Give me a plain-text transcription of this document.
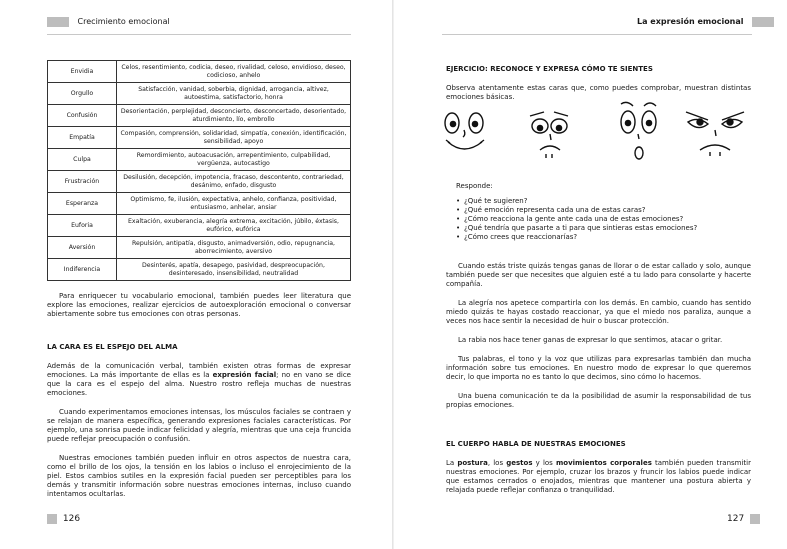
Crecimiento emocional
Envidia	Celos, resentimiento, codicia, deseo, rivalidad, celoso, envidioso, deseo, codicioso, anhelo
Orgullo	Satisfacción, vanidad, soberbia, dignidad, arrogancia, altivez, autoestima, satisfactorio, honra
Confusión	Desorientación, perplejidad, desconcierto, desconcertado, desorientado, aturdimiento, lío, embrollo
Empatía	Compasión, comprensión, solidaridad, simpatía, conexión, identificación, sensibilidad, apoyo
Culpa	Remordimiento, autoacusación, arrepentimiento, culpabilidad, vergüenza, autocastigo
Frustración	Desilusión, decepción, impotencia, fracaso, descontento, contrariedad, desánimo, enfado, disgusto
Esperanza	Optimismo, fe, ilusión, expectativa, anhelo, confianza, positividad, entusiasmo, anhelar, ansiar
Euforia	Exaltación, exuberancia, alegría extrema, excitación, júbilo, éxtasis, eufórico, eufórica
Aversión	Repulsión, antipatía, disgusto, animadversión, odio, repugnancia, aborrecimiento, aversivo
Indiferencia	Desinterés, apatía, desapego, pasividad, despreocupación, desinteresado, insensibilidad, neutralidad

Para enriquecer tu vocabulario emocional, también puedes leer literatura que explore las emociones, realizar ejercicios de autoexploración emocional o conversar abiertamente sobre tus emociones con otras personas.

LA CARA ES EL ESPEJO DEL ALMA

Además de la comunicación verbal, también existen otras formas de expresar emociones. La más importante de ellas es la expresión facial; no en vano se dice que la cara es el espejo del alma. Nuestro rostro refleja muchas de nuestras emociones.

Cuando experimentamos emociones intensas, los músculos faciales se contraen y se relajan de manera específica, generando expresiones faciales características. Por ejemplo, una sonrisa puede indicar felicidad y alegría, mientras que una ceja fruncida puede reflejar preocupación o confusión.

Nuestras emociones también pueden influir en otros aspectos de nuestra cara, como el brillo de los ojos, la tensión en los labios o incluso el enrojecimiento de la piel. Estos cambios sutiles en la expresión facial pueden ser perceptibles para los demás y transmitir información sobre nuestras emociones internas, incluso cuando intentamos ocultarlas.

126
La expresión emocional

EJERCICIO: RECONOCE Y EXPRESA CÓMO TE SIENTES

Observa atentamente estas caras que, como puedes comprobar, muestran distintas emociones básicas.

Responde:

• ¿Qué te sugieren?
• ¿Qué emoción representa cada una de estas caras?
• ¿Cómo reacciona la gente ante cada una de estas emociones?
• ¿Qué tendría que pasarte a ti para que sintieras estas emociones?
• ¿Cómo crees que reaccionarías?

Cuando estás triste quizás tengas ganas de llorar o de estar callado y solo, aunque también puede ser que necesites que alguien esté a tu lado para consolarte y hacerte compañía.

La alegría nos apetece compartirla con los demás. En cambio, cuando has sentido miedo quizás te hayas costado reaccionar, ya que el miedo nos paraliza, aunque a veces nos hace sentir la necesidad de huir o buscar protección.

La rabia nos hace tener ganas de expresar lo que sentimos, atacar o gritar.

Tus palabras, el tono y la voz que utilizas para expresarlas también dan mucha información sobre tus emociones. En nuestro modo de expresar lo que queremos decir, lo que importa no es tanto lo que decimos, sino cómo lo hacemos.

Una buena comunicación te da la posibilidad de asumir la responsabilidad de tus propias emociones.

EL CUERPO HABLA DE NUESTRAS EMOCIONES

La postura, los gestos y los movimientos corporales también pueden transmitir nuestras emociones. Por ejemplo, cruzar los brazos y fruncir los labios puede indicar que estamos cerrados o enojados, mientras que mantener una postura abierta y relajada puede reflejar confianza o tranquilidad.

127
